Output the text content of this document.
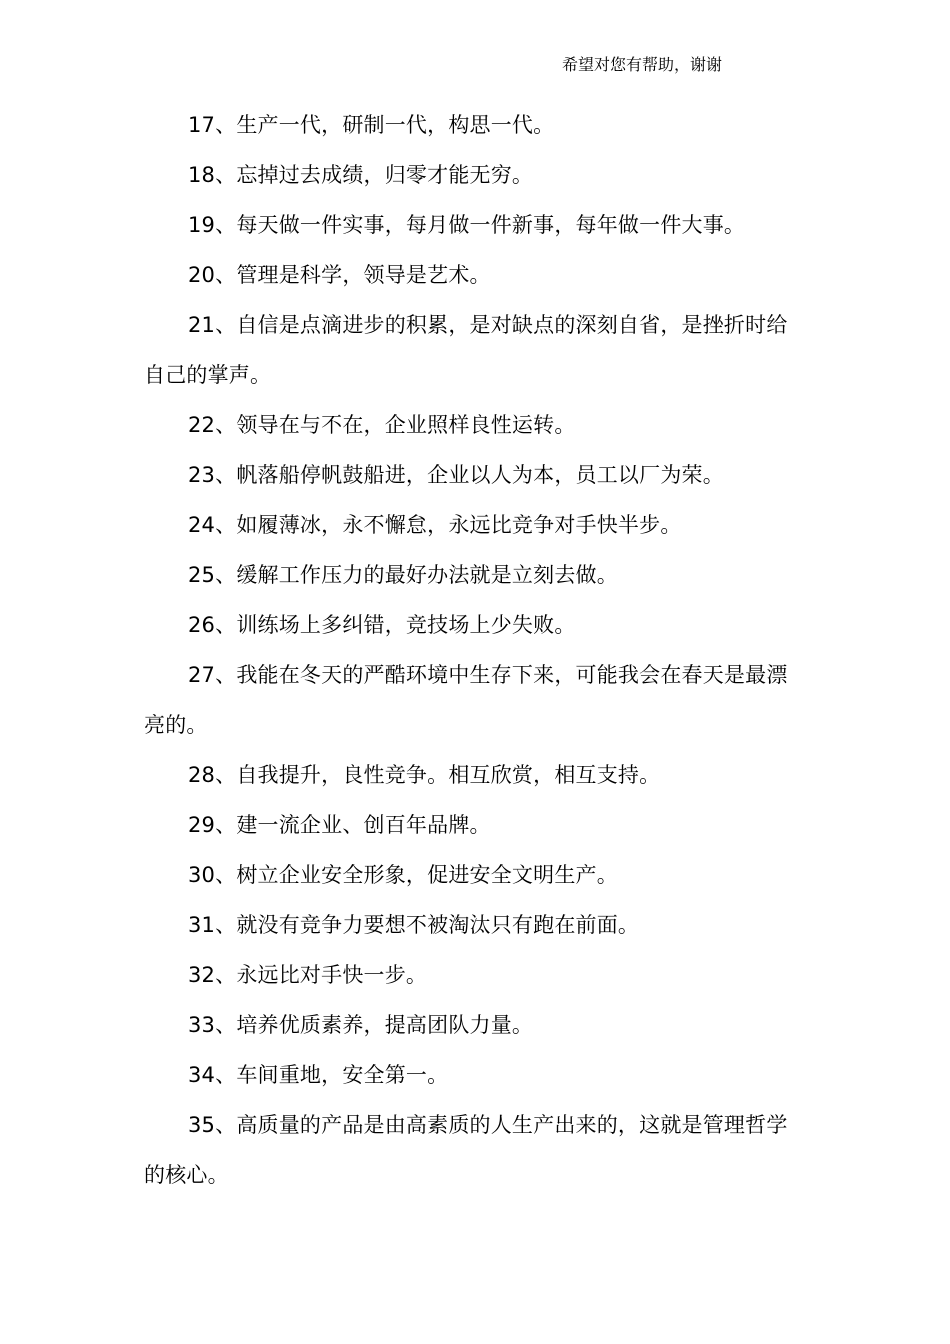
希望对您有帮助，谢谢

17、生产一代，研制一代，构思一代。

18、忘掉过去成绩，归零才能无穷。

19、每天做一件实事，每月做一件新事，每年做一件大事。

20、管理是科学，领导是艺术。

21、自信是点滴进步的积累，是对缺点的深刻自省，是挫折时给自己的掌声。

22、领导在与不在，企业照样良性运转。

23、帆落船停帆鼓船进，企业以人为本，员工以厂为荣。

24、如履薄冰，永不懈怠，永远比竞争对手快半步。

25、缓解工作压力的最好办法就是立刻去做。

26、训练场上多纠错，竞技场上少失败。

27、我能在冬天的严酷环境中生存下来，可能我会在春天是最漂亮的。

28、自我提升，良性竞争。相互欣赏，相互支持。

29、建一流企业、创百年品牌。

30、树立企业安全形象，促进安全文明生产。

31、就没有竞争力要想不被淘汰只有跑在前面。

32、永远比对手快一步。

33、培养优质素养，提高团队力量。

34、车间重地，安全第一。

35、高质量的产品是由高素质的人生产出来的，这就是管理哲学的核心。
